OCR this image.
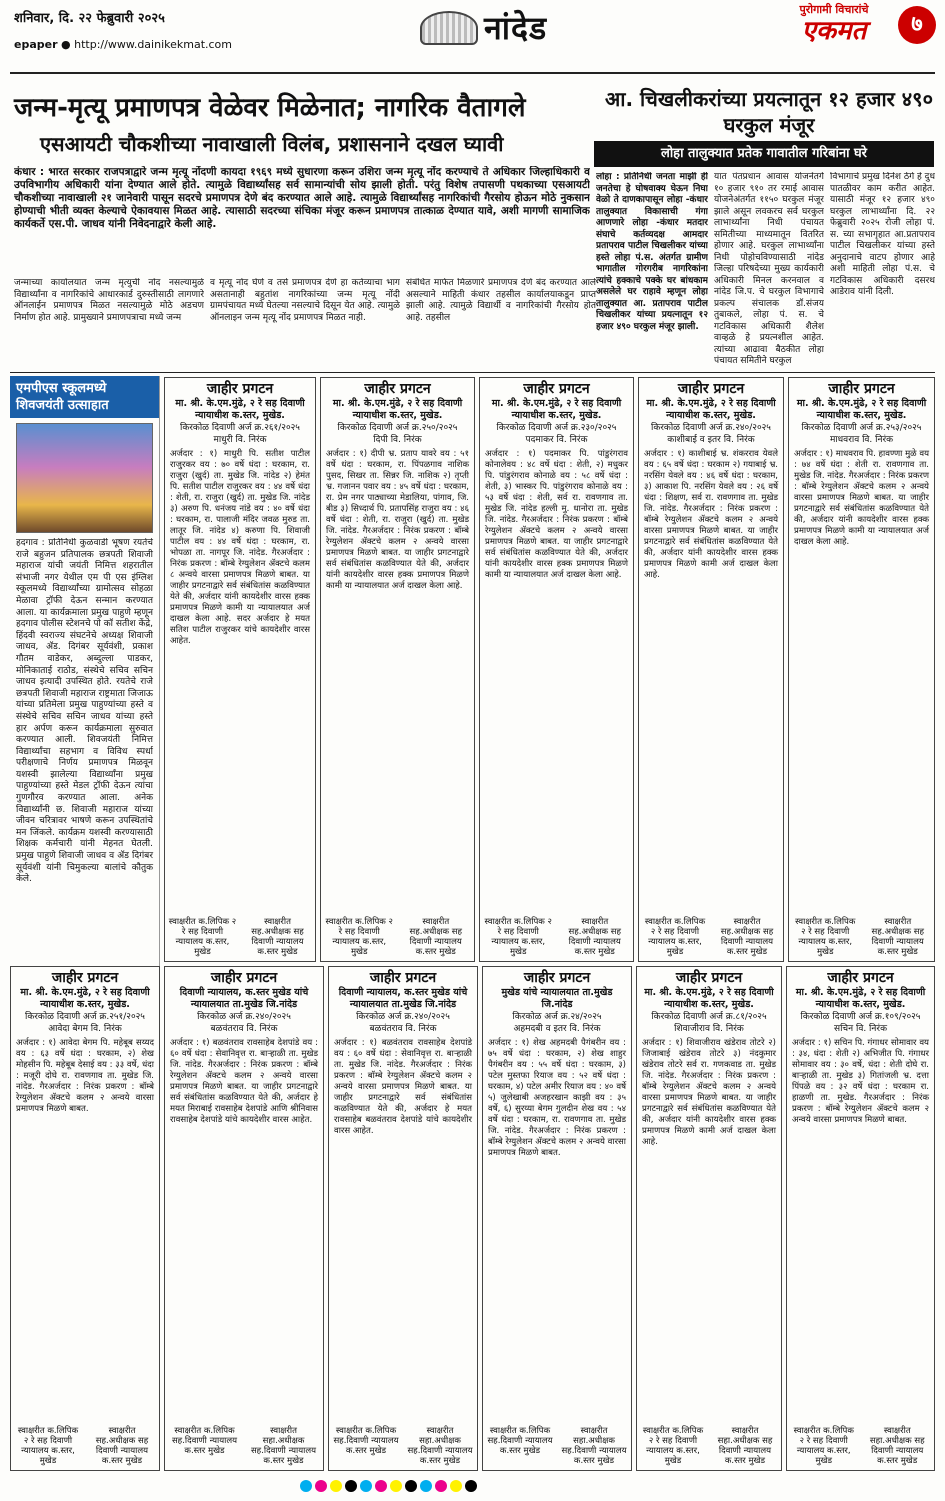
शनिवार, दि. २२ फेब्रुवारी २०२५
epaper ● http://www.dainikekmat.com	नांदेड	पुरोगामी विचारांचे
एकमत	७
जन्म-मृत्यू प्रमाणपत्र वेळेवर मिळेनात; नागरिक वैतागले
एसआयटी चौकशीच्या नावाखाली विलंब, प्रशासनाने दखल घ्यावी
कंधार : भारत सरकार राजपत्राद्वारे जन्म मृत्यू नोंदणी कायदा १९६९ मध्ये सुधारणा करून उशिरा जन्म मृत्यू नोंद करण्याचे ते अधिकार जिल्हाधिकारी व उपविभागीय अधिकारी यांना देण्यात आले होते. त्यामुळे विद्यार्थ्यांसह सर्व सामान्यांची सोय झाली होती. परंतु विशेष तपासणी पथकाच्या एसआयटी चौकशीच्या नावाखाली २१ जानेवारी पासून सदरचे प्रमाणपत्र देणे बंद करण्यात आले आहे. त्यामुळे विद्यार्थ्यांसह नागरिकांची गैरसोय होऊन मोठे नुकसान होण्याची भीती व्यक्त केल्याचे ऐकावयास मिळत आहे. त्यासाठी सदरच्या संचिका मंजूर करून प्रमाणपत्र तात्काळ देण्यात यावे, अशी मागणी सामाजिक कार्यकर्ते एस.पी. जाधव यांनी निवेदनाद्वारे केली आहे.
जन्माच्या कार्यालयात जन्म मृत्युची नोंद नसल्यामुळे विद्यार्थ्यांना व नागरिकांचे आधारकार्ड दुरुस्तीसाठी लागणारे ऑनलाईन प्रमाणपत्र मिळत नसल्यामुळे मोठे अडचण निर्माण होत आहे. प्रामुख्याने प्रमाणपत्राचा मध्ये जन्म
व मृत्यू नोंद घेणे व तसे प्रमाणपत्र देणे हा कर्तव्याचा भाग असतानाही बहुतांश नागरिकांच्या जन्म मृत्यू नोंदी ग्रामपंचायत मध्ये घेतल्या नसल्याचे दिसून येत आहे. त्यामुळे ऑनलाइन जन्म मृत्यू नोंद प्रमाणपत्र मिळत नाही.
संबंधित मार्फत मिळणारे प्रमाणपत्र देणे बंद करण्यात आले असल्याने माहिती कंधार तहसील कार्यालयाकडून प्राप्त झाली आहे. त्यामुळे विद्यार्थी व नागरिकांची गैरसोय होत आहे. तहसील
आ. चिखलीकरांच्या प्रयत्नातून १२ हजार ४९० घरकुल मंजूर
लोहा तालुक्यात प्रतेक गावातील गरिबांना घरे
लोहा : प्रतिनिधी जनता माझी ही जनतेचा हे घोषवाक्य घेऊन निघा वेळो ते दाणकापासून लोहा -कंधार तालुक्यात विकासाची गंगा आणणारे लोहा -कंधार मतदार संघाचे कर्तव्यदक्ष आमदार प्रतापराव पाटील चिखलीकर यांच्या हस्ते लोहा पं.स. अंतर्गत ग्रामीण भागातील गोरगरीब नागरिकांना त्यांचे हक्काचे पक्के घर बांधकाम असलेले घर राहावे म्हणून लोहा तालुक्यात आ. प्रतापराव पाटील चिखलीकर यांच्या प्रयत्नातून १२ हजार ४९० घरकुल मंजूर झाली.
यात पंतप्रधान आवास योजनेंतर्ग १० हजार ९१० तर रमाई आवास योजनेअंतर्गत ११५० घरकुल मंजूर झाले असून लवकरच सर्व घरकुल लाभार्थ्यांना निधी पंचायत समितीच्या माध्यमातून वितरित होणार आहे. घरकुल लाभार्थ्यांना निधी पोहोचविण्यासाठी नांदेड जिल्हा परिषदेच्या मुख्य कार्यकारी अधिकारी मिनल करनवाल व नांदेड जि.प. चे घरकुल विभागाचे प्रकल्प संचालक डॉ.संजय तुबाकले, लोहा पं. स. चे गटविकास अधिकारी शैलेश वाव्हळे हे प्रयत्नशील आहेत. त्यांच्या आढावा बैठकीत लोहा पंचायत समितीने घरकुल
विभागाचे प्रमुख दिनेश ठेंगे हे दुध पातळीवर काम करीत आहेत. यासाठी मंजूर १२ हजार ४९० घरकुल लाभार्थ्यांना दि. २२ फेब्रुवारी २०२५ रोजी लोहा पं. स. च्या सभागृहात आ.प्रतापराव पाटील चिखलीकर यांच्या हस्ते अनुदानाचे वाटप होणार आहे अशी माहिती लोहा पं.स. चे गटविकास अधिकारी दसरथ आडेराव यांनी दिली.
एमपीएस स्कूलमध्ये शिवजयंती उत्साहात
हदगाव : प्रतिनिधी कुळवाडी भूषण रयतेचे राजे बहुजन प्रतिपालक छत्रपती शिवाजी महाराज यांची जयंती निमित्त शहरातील संभाजी नगर येथील एम पी एस इंग्लिश स्कूलमध्ये विद्यार्थ्यांच्या ग्रामोत्सव सोहळा मेळावा ट्रॉफी देऊन सन्मान करण्यात आला. या कार्यक्रमाला प्रमुख पाहुणे म्हणून हदगाव पोलीस स्टेशनचे पो कॉ सतीश केंद्रे, हिंदवी स्वराज्य संघटनेचे अध्यक्ष शिवाजी जाधव, ॲड. दिगंबर सूर्यवंशी, प्रकाश गौतम वाडेकर, अब्दुल्ला पाडकर, मोनिकाताई राठोड, संस्थेचे सचिव सचिन जाधव इत्यादी उपस्थित होते. रयतेचे राजे छत्रपती शिवाजी महाराज राष्ट्रमाता जिजाऊ यांच्या प्रतिमेला प्रमुख पाहुण्यांच्या हस्ते व संस्थेचे सचिव सचिन जाधव यांच्या हस्ते हार अर्पण करून कार्यक्रमाला सुरुवात करण्यात आली. शिवजयंती निमित्त विद्यार्थ्यांचा सहभाग व विविध स्पर्धा परीक्षणाचे निर्णय प्रमाणपत्र मिळवून यशस्वी झालेल्या विद्यार्थ्यांना प्रमुख पाहुण्यांच्या हस्ते मेडल ट्रॉफी देऊन त्यांचा गुणगौरव करण्यात आला. अनेक विद्यार्थ्यांनी छ. शिवाजी महाराज यांच्या जीवन चरित्रावर भाषणे करून उपस्थितांचे मन जिंकले. कार्यक्रम यशस्वी करण्यासाठी शिक्षक कर्मचारी यांनी मेहनत घेतली. प्रमुख पाहुणे शिवाजी जाधव व ॲड दिगंबर सूर्यवंशी यांनी चिमुकल्या बालांचे कौतुक केले.
जाहीर प्रगटन
मा. श्री. के.एम.मुंढे, २ रे सह दिवाणी न्यायाधीश क.स्तर, मुखेड.
किरकोळ दिवाणी अर्ज क्र.२६१/२०२५
माधुरी वि. निरंक
अर्जदार : १) माधुरी पि. सतीश पाटील राजुरकर वय : ७० वर्षे धंदा : घरकाम, रा. राजुरा (खुर्द) ता. मुखेड जि. नांदेड २) हेमंत पि. सतीश पाटील राजुरकर वय : ४४ वर्षे धंदा : शेती, रा. राजुरा (खुर्द) ता. मुखेड जि. नांदेड ३) अरुण पि. धनंजय नांडे वय : ४० वर्षे धंदा : घरकाम, रा. पालाजी मंदिर जवळ मुरुड ता. लातूर जि. नांदेड ४) करुणा पि. शिवाजी पाटील वय : ४४ वर्षे धंदा : घरकाम, रा. भोपळा ता. नागपूर जि. नांदेड. गैरअर्जदार : निरंक प्रकरण : बॉम्बे रेग्युलेशन ॲक्टचे कलम ८ अन्वये वारसा प्रमाणपत्र मिळणे बाबत. या जाहीर प्रगटनाद्वारे सर्व संबंधितांस कळविण्यात येते की, अर्जदार यांनी कायदेशीर वारस हक्क प्रमाणपत्र मिळणे कामी या न्यायालयात अर्ज दाखल केला आहे. सदर अर्जदार हे मयत सतिश पाटील राजुरकर यांचे कायदेशीर वारस आहेत.
स्वाक्षरीत क.लिपिक २ रे सह दिवाणी न्यायालय क.स्तर, मुखेड
स्वाक्षरीत सह.अधीक्षक सह दिवाणी न्यायालय क.स्तर मुखेड
जाहीर प्रगटन
मा. श्री. के.एम.मुंढे, २ रे सह दिवाणी न्यायाधीश क.स्तर, मुखेड.
किरकोळ दिवाणी अर्ज क्र.२५०/२०२५
दिपी वि. निरंक
अर्जदार : १) दीपी भ्र. प्रताप यावरे वय : ५१ वर्षे धंदा : घरकाम, रा. पिंपळगाव नाशिक पुसद, सिखर ता. सिन्नर जि. नाशिक २) तृप्ती भ्र. गजानन पवार वय : ४५ वर्षे धंदा : घरकाम, रा. प्रेम नगर पाठ्याच्या मेडालिया, पांगाव, जि. बीड ३) सिध्दार्थ पि. प्रतापसिंह राजुरा वय : ४६ वर्षे धंदा : शेती, रा. राजुरा (खुर्द) ता. मुखेड जि. नांदेड. गैरअर्जदार : निरंक प्रकरण : बॉम्बे रेग्युलेशन ॲक्टचे कलम २ अन्वये वारसा प्रमाणपत्र मिळणे बाबत. या जाहीर प्रगटनाद्वारे सर्व संबंधितांस कळविण्यात येते की, अर्जदार यांनी कायदेशीर वारस हक्क प्रमाणपत्र मिळणे कामी या न्यायालयात अर्ज दाखल केला आहे.
स्वाक्षरीत क.लिपिक २ रे सह दिवाणी न्यायालय क.स्तर, मुखेड
स्वाक्षरीत सह.अधीक्षक सह दिवाणी न्यायालय क.स्तर मुखेड
जाहीर प्रगटन
मा. श्री. के.एम.मुंढे, २ रे सह दिवाणी न्यायाधीश क.स्तर, मुखेड.
किरकोळ दिवाणी अर्ज क्र.२३०/२०२५
पदमाकर वि. निरंक
अर्जदार : १) पदमाकर पि. पांडुरंगराव कोनालेवय : ४८ वर्षे धंदा : शेती, २) मधुकर पि. पांडुरंगराव कोनाळे वय : ५८ वर्षे धंदा : शेती, ३) भास्कर पि. पांडुरंगराव कोनाळे वय : ५३ वर्षे धंदा : शेती, सर्व रा. रावणगाव ता. मुखेड जि. नांदेड हल्ली मु. धानोरा ता. मुखेड जि. नांदेड. गैरअर्जदार : निरंक प्रकरण : बॉम्बे रेग्युलेशन ॲक्टचे कलम २ अन्वये वारसा प्रमाणपत्र मिळणे बाबत. या जाहीर प्रगटनाद्वारे सर्व संबंधितांस कळविण्यात येते की, अर्जदार यांनी कायदेशीर वारस हक्क प्रमाणपत्र मिळणे कामी या न्यायालयात अर्ज दाखल केला आहे.
स्वाक्षरीत क.लिपिक २ रे सह दिवाणी न्यायालय क.स्तर, मुखेड
स्वाक्षरीत सह.अधीक्षक सह दिवाणी न्यायालय क.स्तर मुखेड
जाहीर प्रगटन
मा. श्री. के.एम.मुंढे, २ रे सह दिवाणी न्यायाधीश क.स्तर, मुखेड.
किरकोळ दिवाणी अर्ज क्र.२४०/२०२५
काशीबाई व इतर वि. निरंक
अर्जदार : १) काशीबाई भ्र. शंकरराव येवले वय : ६५ वर्षे धंदा : घरकाम २) गयाबाई भ्र. नरसिंग येवले वय : ४६ वर्षे धंदा : घरकाम, ३) आकाश पि. नरसिंग येवले वय : २६ वर्षे धंदा : शिक्षण, सर्व रा. रावणगाव ता. मुखेड जि. नांदेड. गैरअर्जदार : निरंक प्रकरण : बॉम्बे रेग्युलेशन ॲक्टचे कलम २ अन्वये वारसा प्रमाणपत्र मिळणे बाबत. या जाहीर प्रगटनाद्वारे सर्व संबंधितांस कळविण्यात येते की, अर्जदार यांनी कायदेशीर वारस हक्क प्रमाणपत्र मिळणे कामी अर्ज दाखल केला आहे.
स्वाक्षरीत क.लिपिक २ रे सह दिवाणी न्यायालय क.स्तर, मुखेड
स्वाक्षरीत सह.अधीक्षक सह दिवाणी न्यायालय क.स्तर मुखेड
जाहीर प्रगटन
मा. श्री. के.एम.मुंढे, २ रे सह दिवाणी न्यायाधीश क.स्तर, मुखेड.
किरकोळ दिवाणी अर्ज क्र.२५३/२०२५
माधवराव वि. निरंक
अर्जदार : १) माधवराव पि. हावण्णा मुळे वय : ७४ वर्षे धंदा : शेती रा. रावणगाव ता. मुखेड जि. नांदेड. गैरअर्जदार : निरंक प्रकरण : बॉम्बे रेग्युलेशन ॲक्टचे कलम २ अन्वये वारसा प्रमाणपत्र मिळणे बाबत. या जाहीर प्रगटनाद्वारे सर्व संबंधितांस कळविण्यात येते की, अर्जदार यांनी कायदेशीर वारस हक्क प्रमाणपत्र मिळणे कामी या न्यायालयात अर्ज दाखल केला आहे.
स्वाक्षरीत क.लिपिक २ रे सह दिवाणी न्यायालय क.स्तर, मुखेड
स्वाक्षरीत सह.अधीक्षक सह दिवाणी न्यायालय क.स्तर मुखेड
जाहीर प्रगटन
मा. श्री. के.एम.मुंढे, २ रे सह दिवाणी न्यायाधीश क.स्तर, मुखेड.
किरकोळ दिवाणी अर्ज क्र.२५१/२०२५
आवेदा बेगम वि. निरंक
अर्जदार : १) आवेदा बेगम पि. महेबूब सय्यद वय : ६३ वर्षे धंदा : घरकाम, २) शेख मोहसीन पि. महेबूब देसाई वय : ३३ वर्षे, धंदा : मजूरी दोघे रा. रावणगाव ता. मुखेड जि. नांदेड. गैरअर्जदार : निरंक प्रकरण : बॉम्बे रेग्युलेशन ॲक्टचे कलम २ अन्वये वारसा प्रमाणपत्र मिळणे बाबत.
स्वाक्षरीत क.लिपिक २ रे सह दिवाणी न्यायालय क.स्तर, मुखेड
स्वाक्षरीत सह.अधीक्षक सह दिवाणी न्यायालय क.स्तर मुखेड
जाहीर प्रगटन
दिवाणी न्यायालय, क.स्तर मुखेड यांचे न्यायालयात ता.मुखेड जि.नांदेड
किरकोळ अर्ज क्र.२४०/२०२५
बळवंतराव वि. निरंक
अर्जदार : १) बळवंतराव रावसाहेब देशपांडे वय : ६० वर्षे धंदा : सेवानिवृत्त रा. बाऱ्हाळी ता. मुखेड जि. नांदेड. गैरअर्जदार : निरंक प्रकरण : बॉम्बे रेग्युलेशन ॲक्टचे कलम २ अन्वये वारसा प्रमाणपत्र मिळणे बाबत. या जाहीर प्रगटनाद्वारे सर्व संबंधितांस कळविण्यात येते की, अर्जदार हे मयत मिराबाई रावसाहेब देशपांडे आणि श्रीनिवास रावसाहेब देशपांडे यांचे कायदेशीर वारस आहेत.
स्वाक्षरीत क.लिपिक सह.दिवाणी न्यायालय क.स्तर मुखेड
स्वाक्षरीत सहा.अधीक्षक सह.दिवाणी न्यायालय क.स्तर मुखेड
जाहीर प्रगटन
दिवाणी न्यायालय, क.स्तर मुखेड यांचे न्यायालयात ता.मुखेड जि.नांदेड
किरकोळ अर्ज क्र.२४०/२०२५
बळवंतराव वि. निरंक
अर्जदार : १) बळवंतराव रावसाहेब देशपांडे वय : ६० वर्षे धंदा : सेवानिवृत्त रा. बाऱ्हाळी ता. मुखेड जि. नांदेड. गैरअर्जदार : निरंक प्रकरण : बॉम्बे रेग्युलेशन ॲक्टचे कलम २ अन्वये वारसा प्रमाणपत्र मिळणे बाबत. या जाहीर प्रगटनाद्वारे सर्व संबंधितांस कळविण्यात येते की, अर्जदार हे मयत रावसाहेब बळवंतराव देशपांडे यांचे कायदेशीर वारस आहेत.
स्वाक्षरीत क.लिपिक सह.दिवाणी न्यायालय क.स्तर मुखेड
स्वाक्षरीत सहा.अधीक्षक सह.दिवाणी न्यायालय क.स्तर मुखेड
जाहीर प्रगटन
मुखेड यांचे न्यायालयात ता.मुखेड जि.नांदेड
किरकोळ अर्ज क्र.२४/२०२५
अहमदबी व इतर वि. निरंक
अर्जदार : १) शेख अहमदबी पैगंबरीन वय : ७५ वर्षे धंदा : घरकाम, २) शेख शाहुर पैगंबरीन वय : ५५ वर्षे धंदा : घरकाम, ३) पटेल मुस्तफा रियाज वय : ५२ वर्षे धंदा : घरकाम, ४) पटेल अमीर रियाज वय : ४० वर्षे ५) जुलेखाबी अजहरखान काझी वय : ३५ वर्षे, ६) सुरय्या बेगम गुलदीन शेख वय : ५४ वर्षे धंदा : घरकाम, रा. रावणगाव ता. मुखेड जि. नांदेड. गैरअर्जदार : निरंक प्रकरण : बॉम्बे रेग्युलेशन ॲक्टचे कलम २ अन्वये वारसा प्रमाणपत्र मिळणे बाबत.
स्वाक्षरीत क.लिपिक सह.दिवाणी न्यायालय क.स्तर मुखेड
स्वाक्षरीत सहा.अधीक्षक सह.दिवाणी न्यायालय क.स्तर मुखेड
जाहीर प्रगटन
मा. श्री. के.एम.मुंढे, २ रे सह दिवाणी न्यायाधीश क.स्तर, मुखेड.
किरकोळ दिवाणी अर्ज क्र.८१/२०२५
शिवाजीराव वि. निरंक
अर्जदार : १) शिवाजीराव खंडेराव तोटरे २) जिजाबाई खंडेराव तोटरे ३) नंदकुमार खंडेराव तोटरे सर्व रा. गणकवाड ता. मुखेड जि. नांदेड. गैरअर्जदार : निरंक प्रकरण : बॉम्बे रेग्युलेशन ॲक्टचे कलम २ अन्वये वारसा प्रमाणपत्र मिळणे बाबत. या जाहीर प्रगटनाद्वारे सर्व संबंधितांस कळविण्यात येते की, अर्जदार यांनी कायदेशीर वारस हक्क प्रमाणपत्र मिळणे कामी अर्ज दाखल केला आहे.
स्वाक्षरीत क.लिपिक २ रे सह दिवाणी न्यायालय क.स्तर, मुखेड
स्वाक्षरीत सहा.अधीक्षक सह दिवाणी न्यायालय क.स्तर मुखेड
जाहीर प्रगटन
मा. श्री. के.एम.मुंढे, २ रे सह दिवाणी न्यायाधीश क.स्तर, मुखेड.
किरकोळ दिवाणी अर्ज क्र.१०९/२०२५
सचिन वि. निरंक
अर्जदार : १) सचिन पि. गंगाधर सोमावार वय : ३४, धंदा : शेती २) अभिजीत पि. गंगाधर सोमावार वय : ३० वर्षे, धंदा : शेती दोघे रा. बाऱ्हाळी ता. मुखेड ३) गितांजली भ्र. दत्ता पिंपळे वय : ३२ वर्षे धंदा : घरकाम रा. हाळणी ता. मुखेड. गैरअर्जदार : निरंक प्रकरण : बॉम्बे रेग्युलेशन ॲक्टचे कलम २ अन्वये वारसा प्रमाणपत्र मिळणे बाबत.
स्वाक्षरीत क.लिपिक २ रे सह दिवाणी न्यायालय क.स्तर, मुखेड
स्वाक्षरीत सहा.अधीक्षक सह दिवाणी न्यायालय क.स्तर मुखेड
